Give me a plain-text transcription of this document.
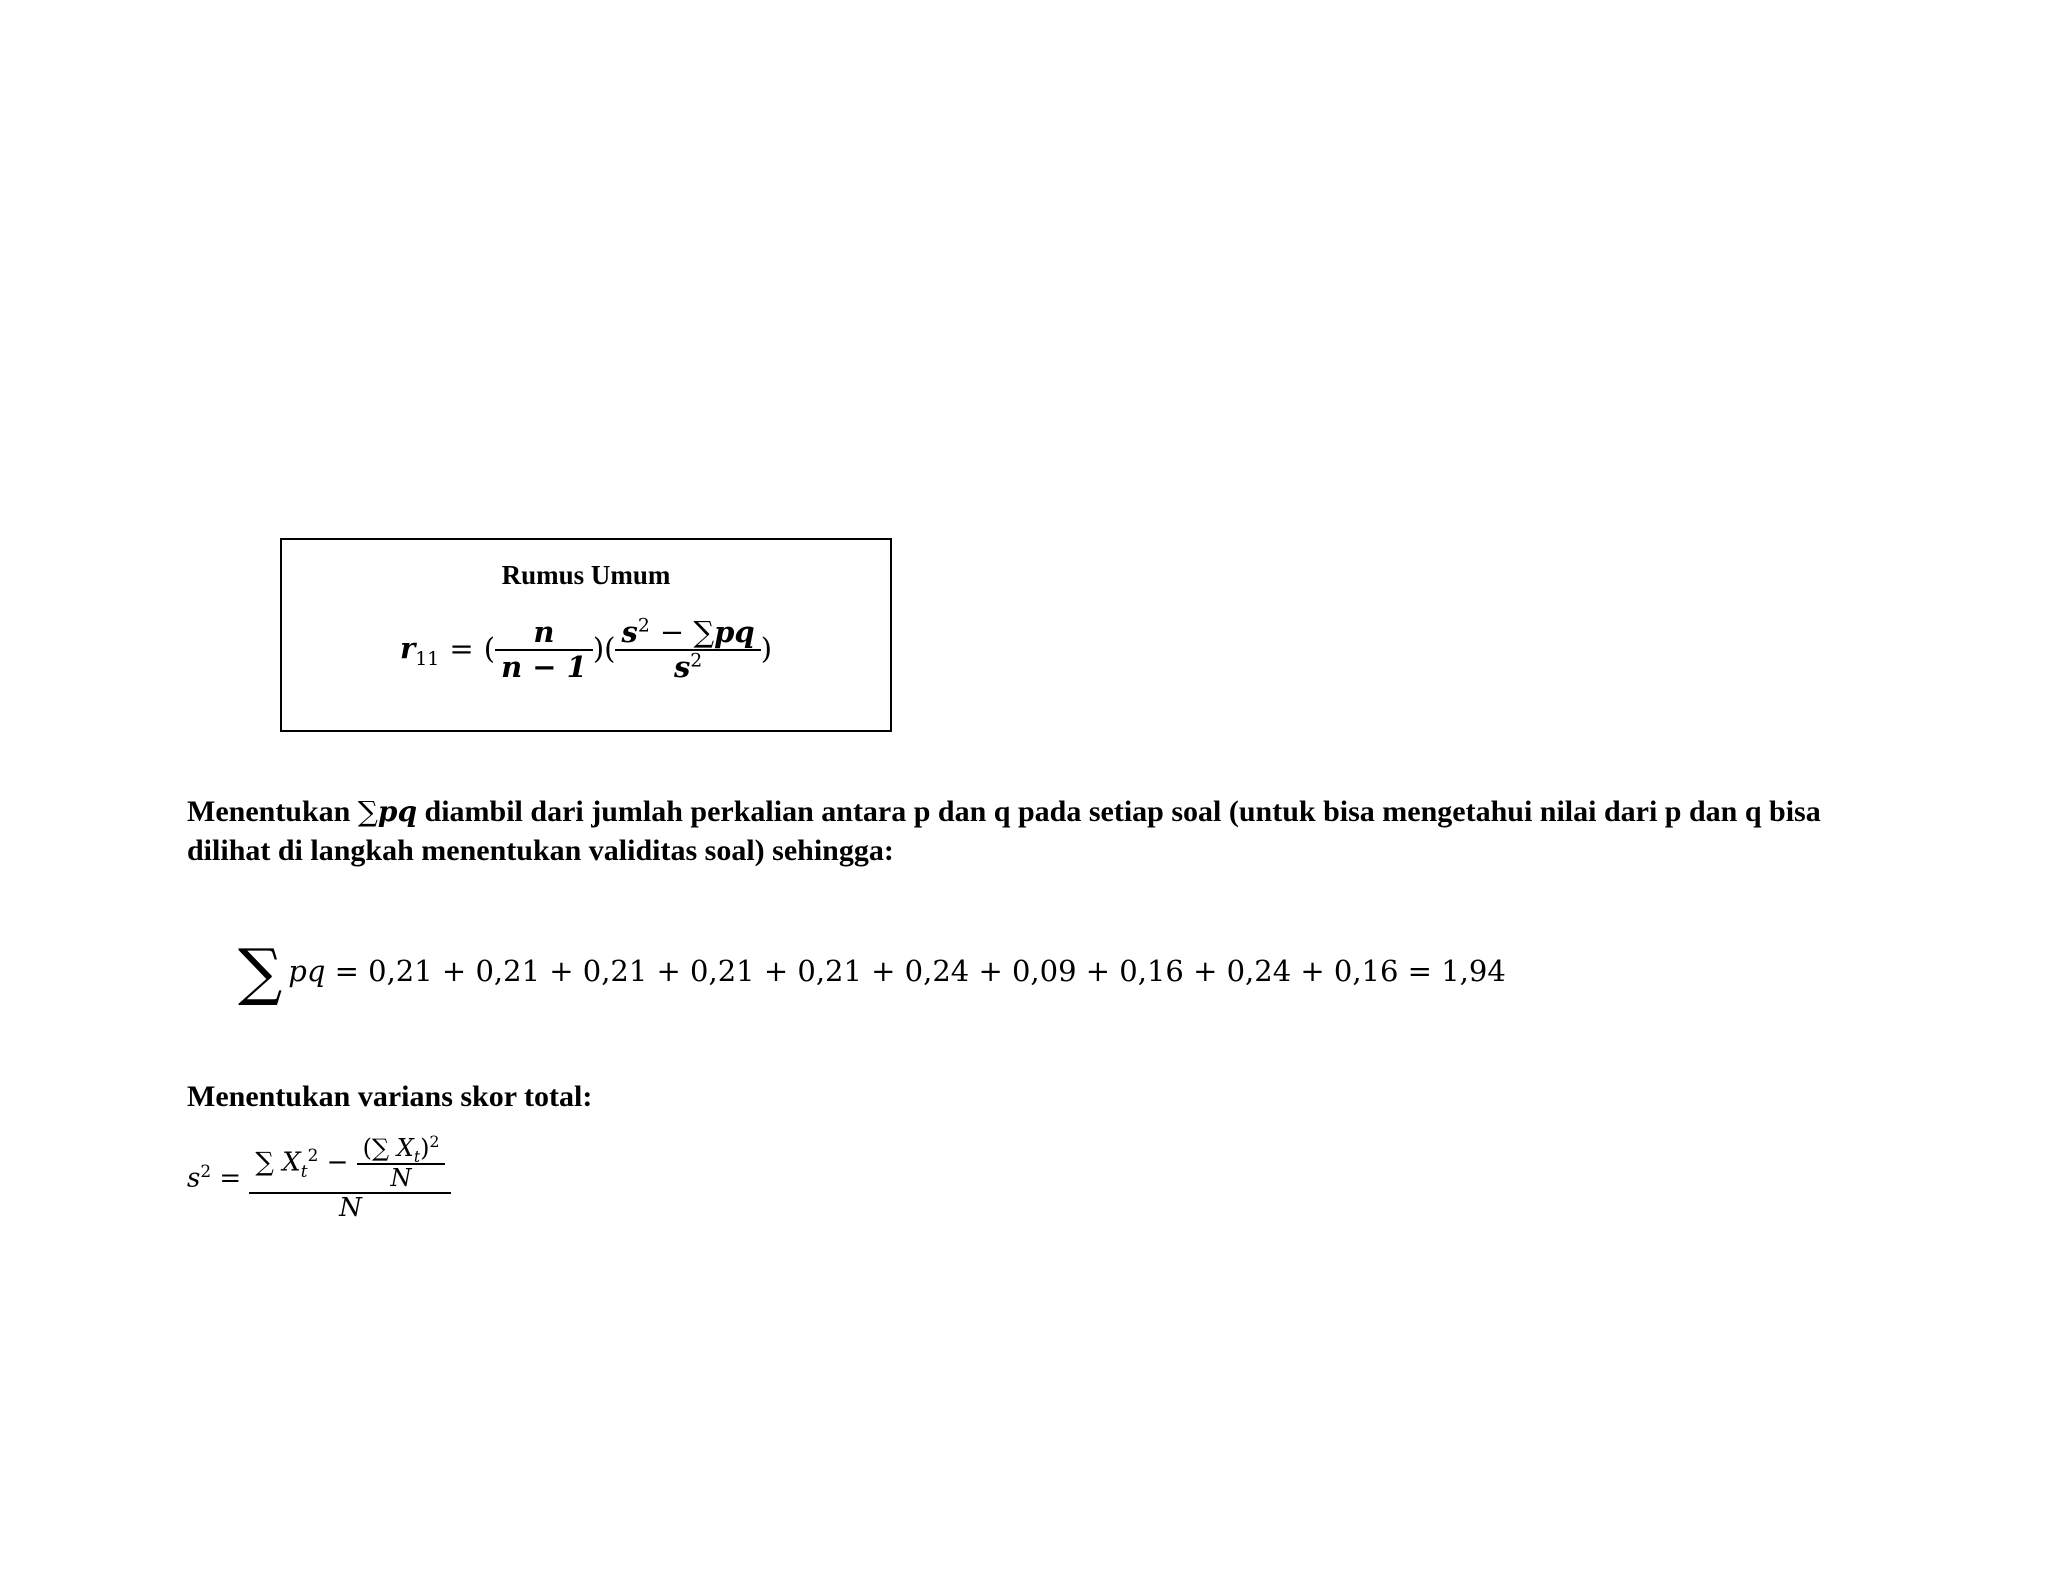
Rumus Umum
$r_{11}$ = ( $\frac{n}{n - 1}$ )( $\frac{s^2 - \sum pq}{s^2}$ )
Menentukan ∑pq diambil dari jumlah perkalian antara p dan q pada setiap soal (untuk bisa mengetahui nilai dari p dan q bisa dilihat di langkah menentukan validitas soal) sehingga:
∑ pq = 0,21 + 0,21 + 0,21 + 0,21 + 0,21 + 0,24 + 0,09 + 0,16 + 0,24 + 0,16 = 1,94
Menentukan varians skor total:
$s^2 = \frac{\sum X_t^2 - \frac{(\sum X_t)^2}{N}}{N}$
